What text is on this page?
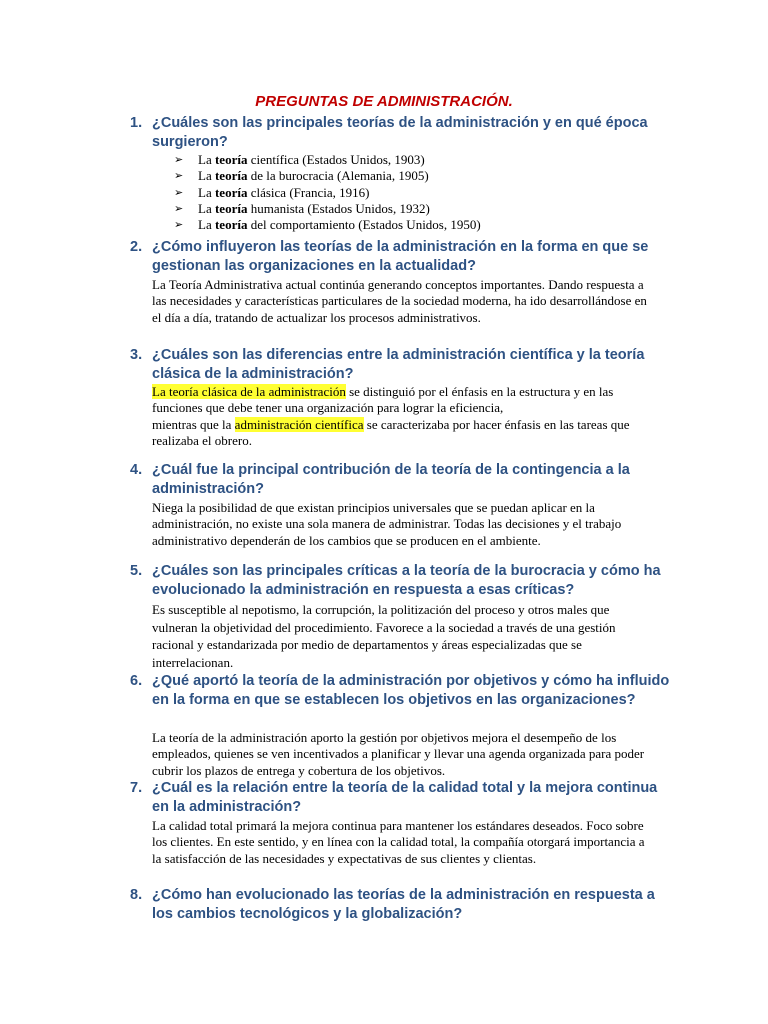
PREGUNTAS DE ADMINISTRACIÓN.
1. ¿Cuáles son las principales teorías de la administración y en qué época surgieron?
➢ La teoría científica (Estados Unidos, 1903)
➢ La teoría de la burocracia (Alemania, 1905)
➢ La teoría clásica (Francia, 1916)
➢ La teoría humanista (Estados Unidos, 1932)
➢ La teoría del comportamiento (Estados Unidos, 1950)
2. ¿Cómo influyeron las teorías de la administración en la forma en que se gestionan las organizaciones en la actualidad?
La Teoría Administrativa actual continúa generando conceptos importantes. Dando respuesta a las necesidades y características particulares de la sociedad moderna, ha ido desarrollándose en el día a día, tratando de actualizar los procesos administrativos.
3. ¿Cuáles son las diferencias entre la administración científica y la teoría clásica de la administración?
La teoría clásica de la administración se distinguió por el énfasis en la estructura y en las funciones que debe tener una organización para lograr la eficiencia,
mientras que la administración científica se caracterizaba por hacer énfasis en las tareas que realizaba el obrero.
4. ¿Cuál fue la principal contribución de la teoría de la contingencia a la administración?
Niega la posibilidad de que existan principios universales que se puedan aplicar en la administración, no existe una sola manera de administrar. Todas las decisiones y el trabajo administrativo dependerán de los cambios que se producen en el ambiente.
5. ¿Cuáles son las principales críticas a la teoría de la burocracia y cómo ha evolucionado la administración en respuesta a esas críticas?
Es susceptible al nepotismo, la corrupción, la politización del proceso y otros males que vulneran la objetividad del procedimiento. Favorece a la sociedad a través de una gestión racional y estandarizada por medio de departamentos y áreas especializadas que se interrelacionan.
6. ¿Qué aportó la teoría de la administración por objetivos y cómo ha influido en la forma en que se establecen los objetivos en las organizaciones?
La teoría de la administración aporto la gestión por objetivos mejora el desempeño de los empleados, quienes se ven incentivados a planificar y llevar una agenda organizada para poder cubrir los plazos de entrega y cobertura de los objetivos.
7. ¿Cuál es la relación entre la teoría de la calidad total y la mejora continua en la administración?
La calidad total primará la mejora continua para mantener los estándares deseados. Foco sobre los clientes. En este sentido, y en línea con la calidad total, la compañía otorgará importancia a la satisfacción de las necesidades y expectativas de sus clientes y clientas.
8. ¿Cómo han evolucionado las teorías de la administración en respuesta a los cambios tecnológicos y la globalización?
